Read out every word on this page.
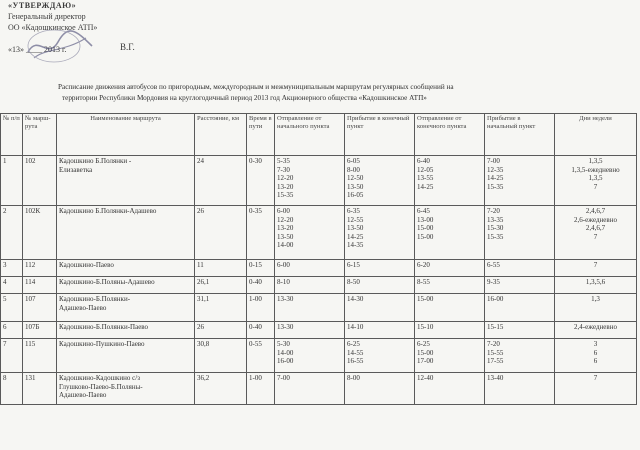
«УТВЕРЖДАЮ»
Генеральный директор
ОО «Кадошкинское АТП»

«13» ____ 2013 г.	В.Г.
Расписание движения автобусов по пригородным, междугородным и межмуниципальным маршрутам регулярных сообщений на
территории Республики Мордовия на круглогодичный период 2013 год Акционерного общества «Кадошкинское АТП»
№ п/п	№ марш-рута	Наименование маршрута	Расстояние, км	Время в пути	Отправление от начального пункта	Прибытие в конечный пункт	Отправление от конечного пункта	Прибытие в начальный пункт	Дни недели
1	102	Кадошкино Б.Полянки -
Елизаветка	24	0-30	5-35
7-30
12-20
13-20
15-35	6-05
8-00
12-50
13-50
16-05	6-40
12-05
13-55
14-25	7-00
12-35
14-25
15-35	1,3,5
1,3,5-ежедневно
1,3,5
7

2	102К	Кадошкино Б.Полянки-Адашево	26	0-35	6-00
12-20
13-20
13-50
14-00	6-35
12-55
13-50
14-25
14-35	6-45
13-00
15-00
15-00	7-20
13-35
15-30
15-35	2,4,6,7
2,6-ежедневно
2,4,6,7
7

3	112	Кадошкино-Паево	11	0-15	6-00	6-15	6-20	6-55	7

4	114	Кадошкино-Б.Поляны-Адашево	26,1	0-40	8-10	8-50	8-55	9-35	1,3,5,6

5	107	Кадошкино-Б.Полянки-
Адашево-Паево	31,1	1-00	13-30	14-30	15-00	16-00	1,3

6	107Б	Кадошкино-Б.Полянки-Паево	26	0-40	13-30	14-10	15-10	15-15	2,4-ежедневно

7	115	Кадошкино-Пушкино-Паево	30,8	0-55	5-30
14-00
16-00	6-25
14-55
16-55	6-25
15-00
17-00	7-20
15-55
17-55	3
6
6

8	131	Кадошкино-Кадошкино с/з
Глушково-Паево-Б.Поляны-
Адашево-Паево	36,2	1-00	7-00	8-00	12-40	13-40	7
